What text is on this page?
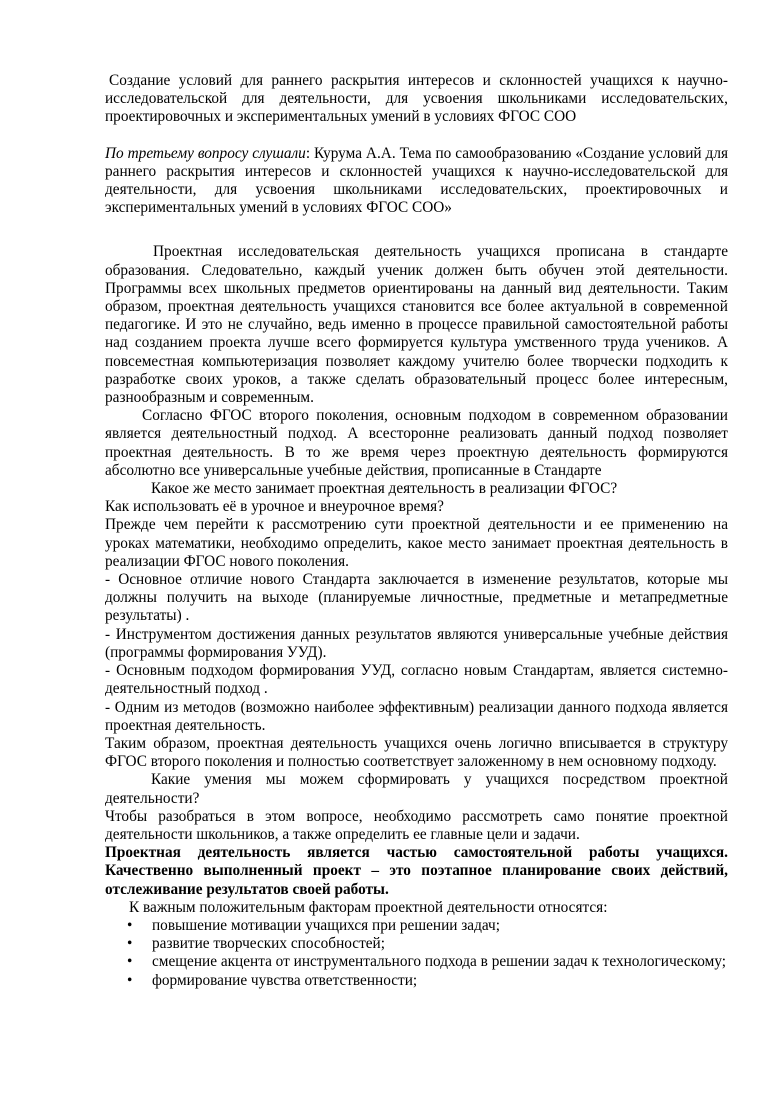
Создание условий для раннего раскрытия интересов и склонностей учащихся к научно-исследовательской для деятельности, для усвоения школьниками исследовательских, проектировочных и экспериментальных умений в условиях ФГОС СОО

По третьему вопросу слушали: Курума А.А. Тема по самообразованию «Создание условий для раннего раскрытия интересов и склонностей учащихся к научно-исследовательской для деятельности, для усвоения школьниками исследовательских, проектировочных и экспериментальных умений в условиях ФГОС СОО»

Проектная исследовательская деятельность учащихся прописана в стандарте образования. Следовательно, каждый ученик должен быть обучен этой деятельности. Программы всех школьных предметов ориентированы на данный вид деятельности. Таким образом, проектная деятельность учащихся становится все более актуальной в современной педагогике. И это не случайно, ведь именно в процессе правильной самостоятельной работы над созданием проекта лучше всего формируется культура умственного труда учеников. А повсеместная компьютеризация позволяет каждому учителю более творчески подходить к разработке своих уроков, а также сделать образовательный процесс более интересным, разнообразным и современным.

Согласно ФГОС второго поколения, основным подходом в современном образовании является деятельностный подход. А всесторонне реализовать данный подход позволяет проектная деятельность. В то же время через проектную деятельность формируются абсолютно все универсальные учебные действия, прописанные в Стандарте

Какое же место занимает проектная деятельность в реализации ФГОС?

Как использовать её в урочное и внеурочное время?

Прежде чем перейти к рассмотрению сути проектной деятельности и ее применению на уроках математики, необходимо определить, какое место занимает проектная деятельность в реализации ФГОС нового поколения.

- Основное отличие нового Стандарта заключается в изменение результатов, которые мы должны получить на выходе (планируемые личностные, предметные и метапредметные результаты) .

- Инструментом достижения данных результатов являются универсальные учебные действия (программы формирования УУД).

- Основным подходом формирования УУД, согласно новым Стандартам, является системно-деятельностный подход .

- Одним из методов (возможно наиболее эффективным) реализации данного подхода является проектная деятельность.

Таким образом, проектная деятельность учащихся очень логично вписывается в структуру ФГОС второго поколения и полностью соответствует заложенному в нем основному подходу.

Какие умения мы можем сформировать у учащихся посредством проектной деятельности?

Чтобы разобраться в этом вопросе, необходимо рассмотреть само понятие проектной деятельности школьников, а также определить ее главные цели и задачи.

Проектная деятельность является частью самостоятельной работы учащихся. Качественно выполненный проект – это поэтапное планирование своих действий, отслеживание результатов своей работы.

К важным положительным факторам проектной деятельности относятся:

• повышение мотивации учащихся при решении задач;
• развитие творческих способностей;
• смещение акцента от инструментального подхода в решении задач к технологическому;
• формирование чувства ответственности;
